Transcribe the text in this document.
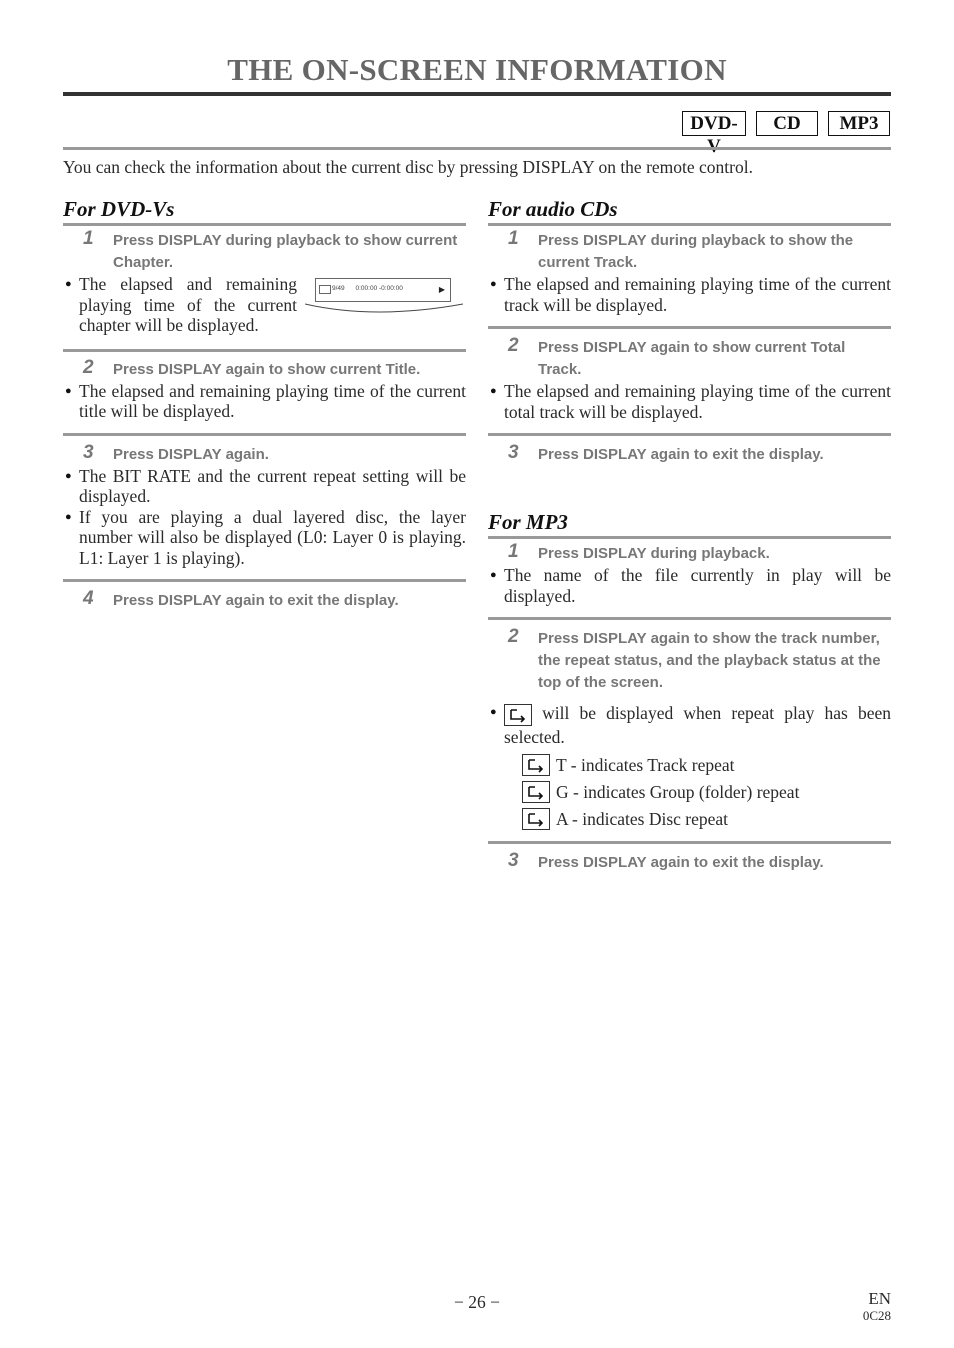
THE ON-SCREEN INFORMATION
DVD-	CD	MP3
You can check the information about the current disc by pressing DISPLAY on the remote control.
For DVD-Vs
1 Press DISPLAY during playback to show current Chapter.
● The elapsed and remaining playing time of the current chapter will be displayed.
9/49 0:00:00 -0:00:00	▶
2 Press DISPLAY again to show current Title.
● The elapsed and remaining playing time of the current title will be displayed.
3 Press DISPLAY again.
● The BIT RATE and the current repeat setting will be displayed.
● If you are playing a dual layered disc, the layer number will also be displayed (L0: Layer 0 is playing. L1: Layer 1 is playing).
4 Press DISPLAY again to exit the display.
For audio CDs
1 Press DISPLAY during playback to show the current Track.
● The elapsed and remaining playing time of the current track will be displayed.
2 Press DISPLAY again to show current Total Track.
● The elapsed and remaining playing time of the current total track will be displayed.
3 Press DISPLAY again to exit the display.
For MP3
1 Press DISPLAY during playback.
● The name of the file currently in play will be displayed.
2 Press DISPLAY again to show the track number, the repeat status, and the playback status at the top of the screen.
● will be displayed when repeat play has been selected.
T - indicates Track repeat
G - indicates Group (folder) repeat
A - indicates Disc repeat
3 Press DISPLAY again to exit the display.
− 26 −	EN
0C28
